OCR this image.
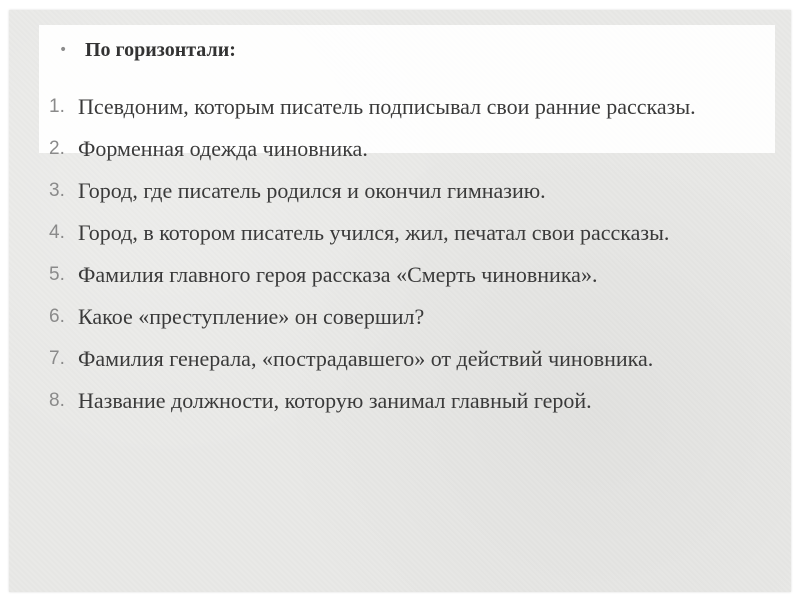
• По горизонтали:
1. Псевдоним, которым писатель подписывал свои ранние рассказы.
2. Форменная одежда чиновника.
3. Город, где писатель родился и окончил гимназию.
4. Город, в котором писатель учился, жил, печатал свои рассказы.
5. Фамилия главного героя рассказа «Смерть чиновника».
6. Какое «преступление» он совершил?
7. Фамилия генерала, «пострадавшего» от действий чиновника.
8. Название должности, которую занимал главный герой.
